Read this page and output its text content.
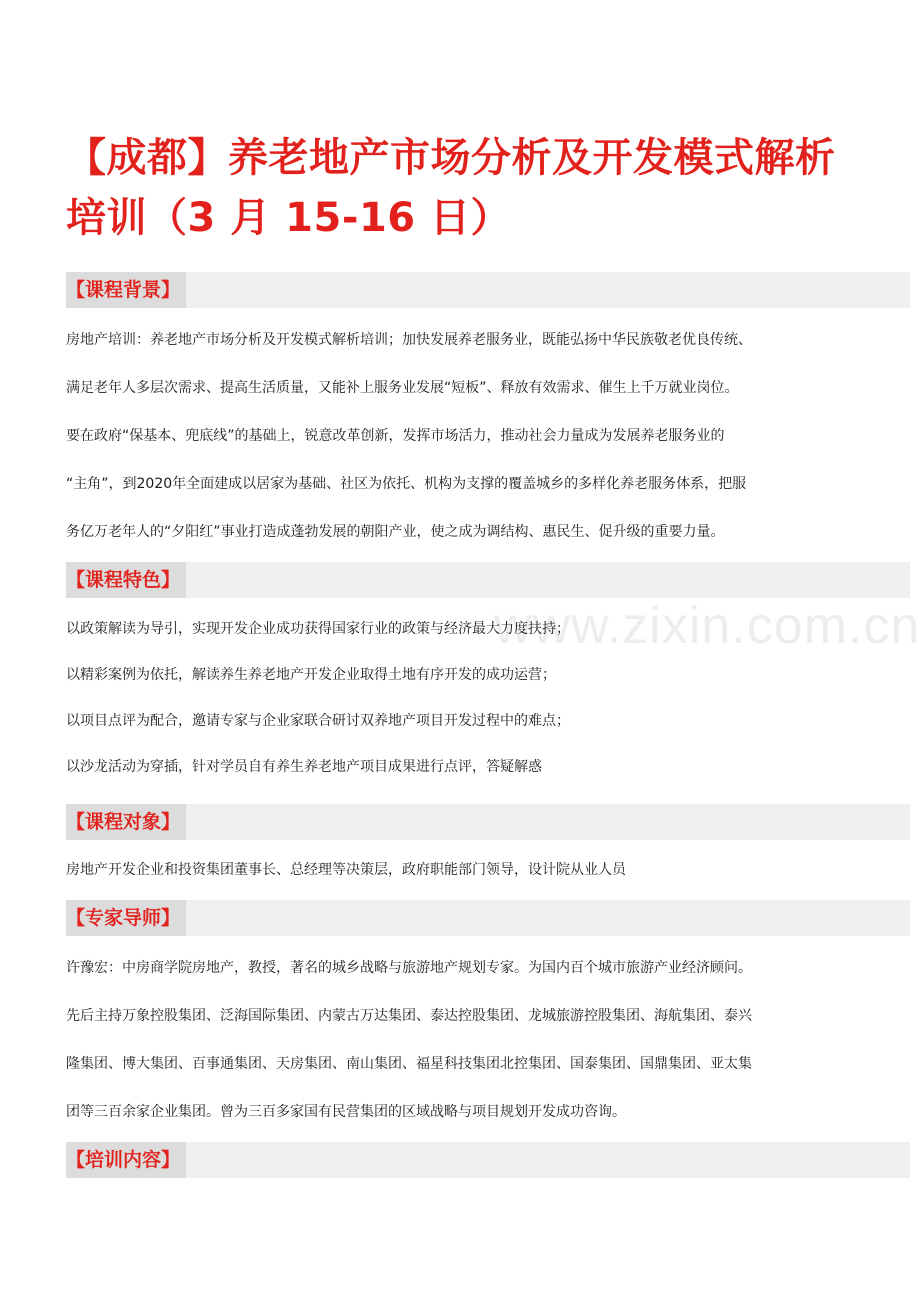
【成都】养老地产市场分析及开发模式解析
培训（3 月 15-16 日）
【课程背景】
房地产培训：养老地产市场分析及开发模式解析培训；加快发展养老服务业，既能弘扬中华民族敬老优良传统、
满足老年人多层次需求、提高生活质量，又能补上服务业发展“短板”、释放有效需求、催生上千万就业岗位。
要在政府“保基本、兜底线”的基础上，锐意改革创新，发挥市场活力，推动社会力量成为发展养老服务业的
“主角”，到2020年全面建成以居家为基础、社区为依托、机构为支撑的覆盖城乡的多样化养老服务体系，把服
务亿万老年人的“夕阳红”事业打造成蓬勃发展的朝阳产业，使之成为调结构、惠民生、促升级的重要力量。
【课程特色】
以政策解读为导引，实现开发企业成功获得国家行业的政策与经济最大力度扶持；
以精彩案例为依托，解读养生养老地产开发企业取得土地有序开发的成功运营；
以项目点评为配合，邀请专家与企业家联合研讨双养地产项目开发过程中的难点；
以沙龙活动为穿插，针对学员自有养生养老地产项目成果进行点评，答疑解惑
【课程对象】
房地产开发企业和投资集团董事长、总经理等决策层，政府职能部门领导，设计院从业人员
【专家导师】
许豫宏：中房商学院房地产，教授，著名的城乡战略与旅游地产规划专家。为国内百个城市旅游产业经济顾问。
先后主持万象控股集团、泛海国际集团、内蒙古万达集团、泰达控股集团、龙城旅游控股集团、海航集团、泰兴
隆集团、博大集团、百事通集团、天房集团、南山集团、福星科技集团北控集团、国泰集团、国鼎集团、亚太集
团等三百余家企业集团。曾为三百多家国有民营集团的区域战略与项目规划开发成功咨询。
【培训内容】
www.zixin.com.cn
